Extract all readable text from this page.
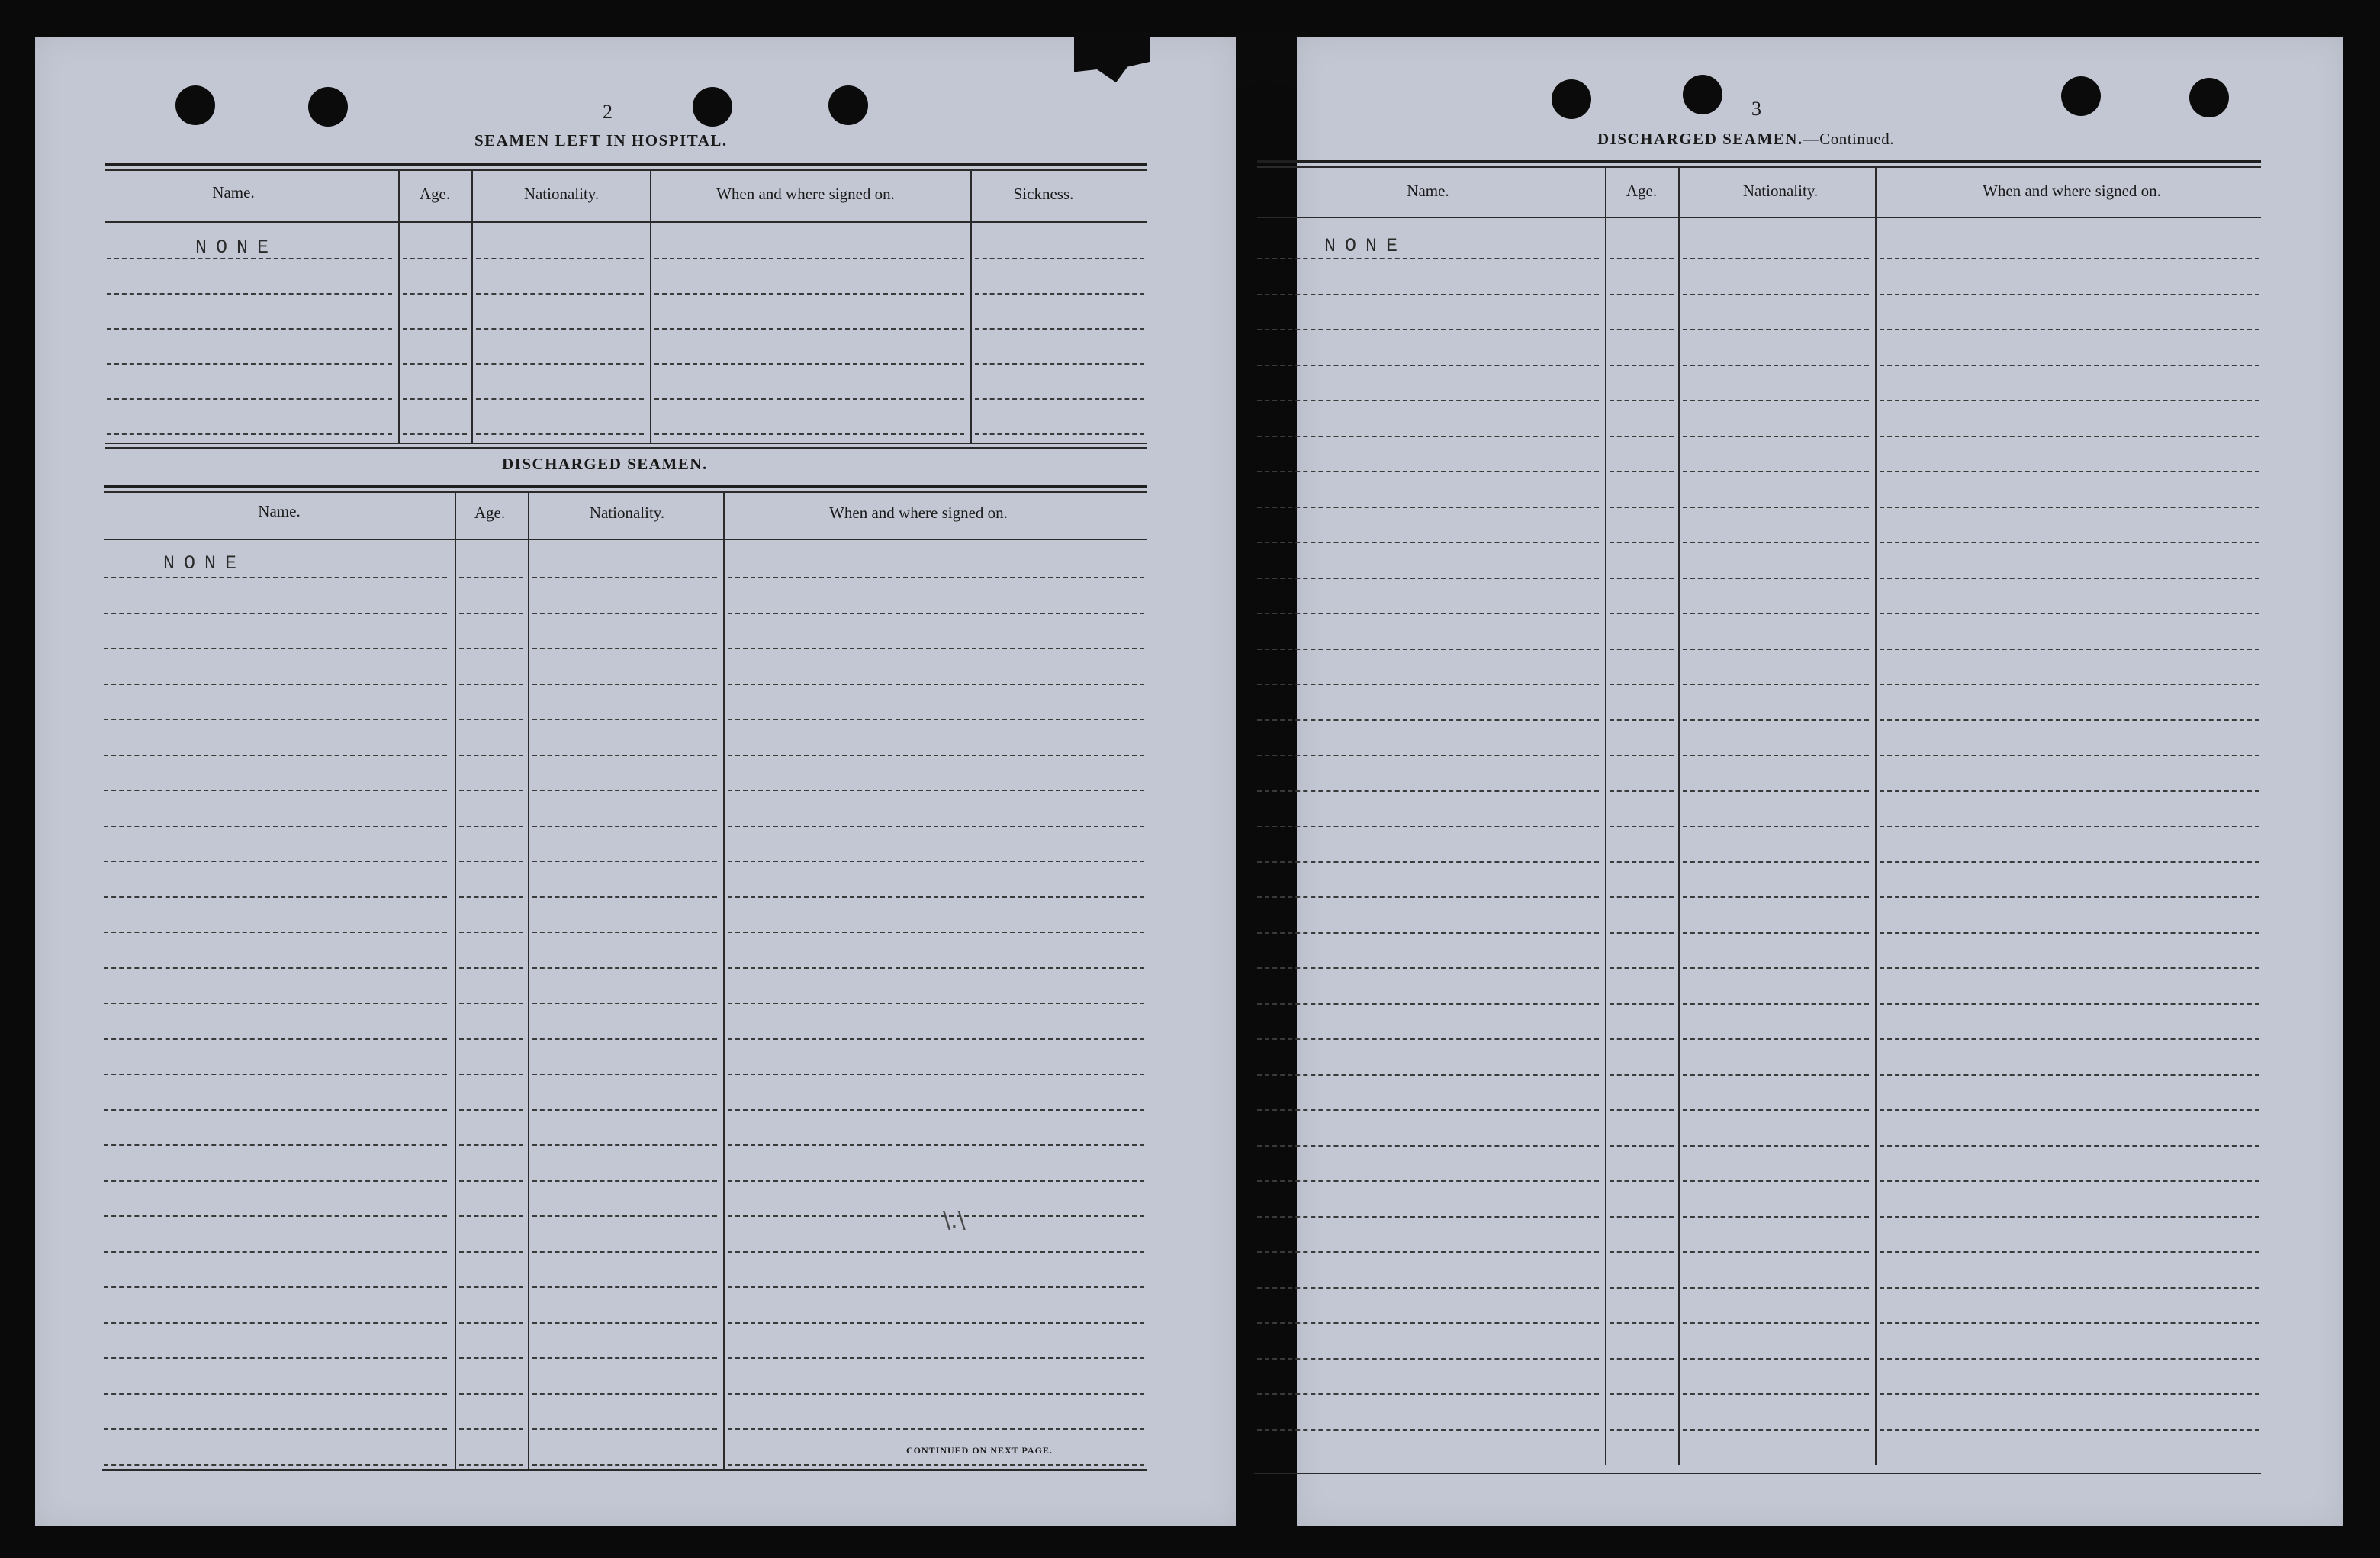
2
SEAMEN LEFT IN HOSPITAL.
Name.	Age.	Nationality.	When and where signed on.	Sickness.
NONE
DISCHARGED SEAMEN.
Name.	Age.	Nationality.	When and where signed on.
NONE
CONTINUED ON NEXT PAGE.
\.\
3
DISCHARGED SEAMEN.—Continued.
Name.	Age.	Nationality.	When and where signed on.
NONE
